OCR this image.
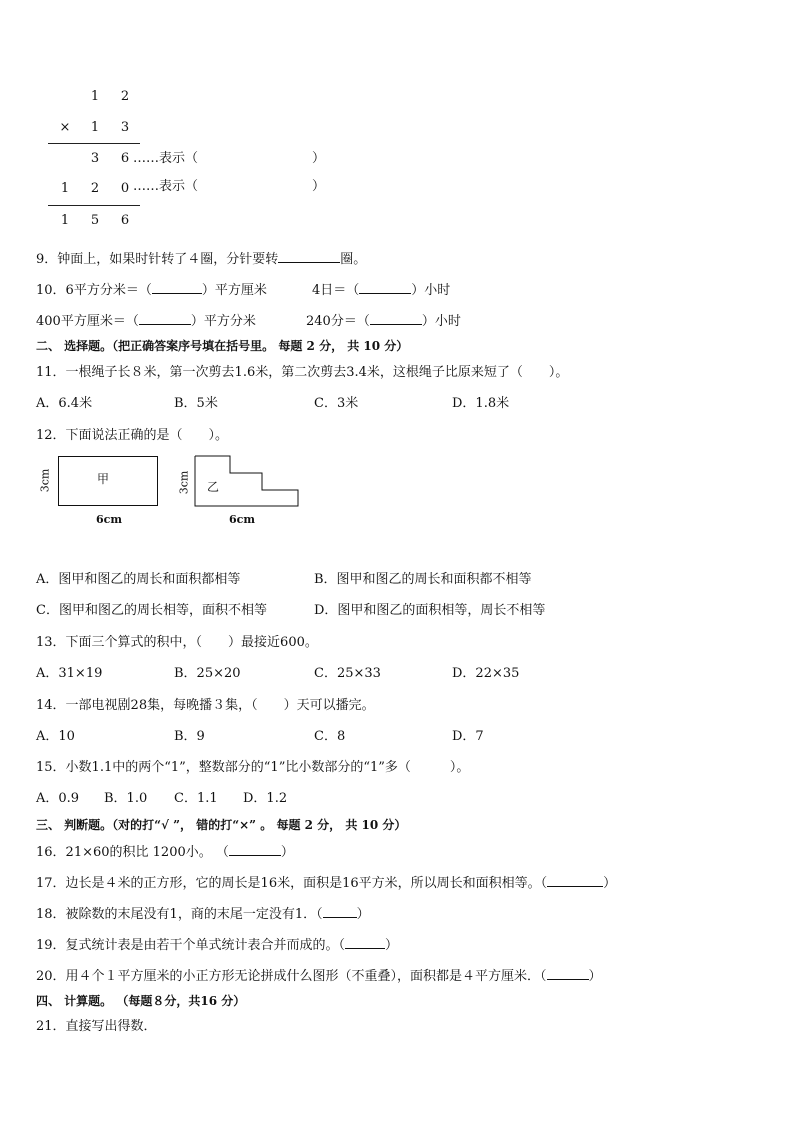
1 2
× 1 3
3 6 ……表示（	）
1 2 0 ……表示（	）
1 5 6
9．钟面上，如果时针转了４圈，分针要转	圈。
10．6平方分米＝（	）平方厘米	4日＝（	）小时
400平方厘米＝（	）平方分米	240分＝（	）小时
二、 选择题。（把正确答案序号填在括号里。 每题 2 分， 共 10 分）
11．一根绳子长８米，第一次剪去1.6米，第二次剪去3.4米，这根绳子比原来短了（　　）。
A．6.4米	B．5米	C．3米	D．1.8米
12．下面说法正确的是（　　）。
甲
3cm
6cm
乙
3cm
6cm
A．图甲和图乙的周长和面积都相等	B．图甲和图乙的周长和面积都不相等
C．图甲和图乙的周长相等，面积不相等	D．图甲和图乙的面积相等，周长不相等
13．下面三个算式的积中，（　　）最接近600。
A．31×19	B．25×20	C．25×33	D．22×35
14．一部电视剧28集，每晚播３集，（　　）天可以播完。
A．10	B．9	C．8	D．7
15．小数1.1中的两个“1”，整数部分的“1”比小数部分的“1”多（　　　）。
A．0.9 B．1.0 C．1.1 D．1.2
三、 判断题。（对的打“√ ”， 错的打“×” 。 每题 2 分， 共 10 分）
16．21×60的积比 1200小。 （	）
17．边长是４米的正方形，它的周长是16米，面积是16平方米，所以周长和面积相等。（	）
18．被除数的末尾没有1，商的末尾一定没有1．（	）
19．复式统计表是由若干个单式统计表合并而成的。（	）
20．用４个１平方厘米的小正方形无论拼成什么图形（不重叠），面积都是４平方厘米．（	）
四、 计算题。 （每题８分，共16 分）
21．直接写出得数．
